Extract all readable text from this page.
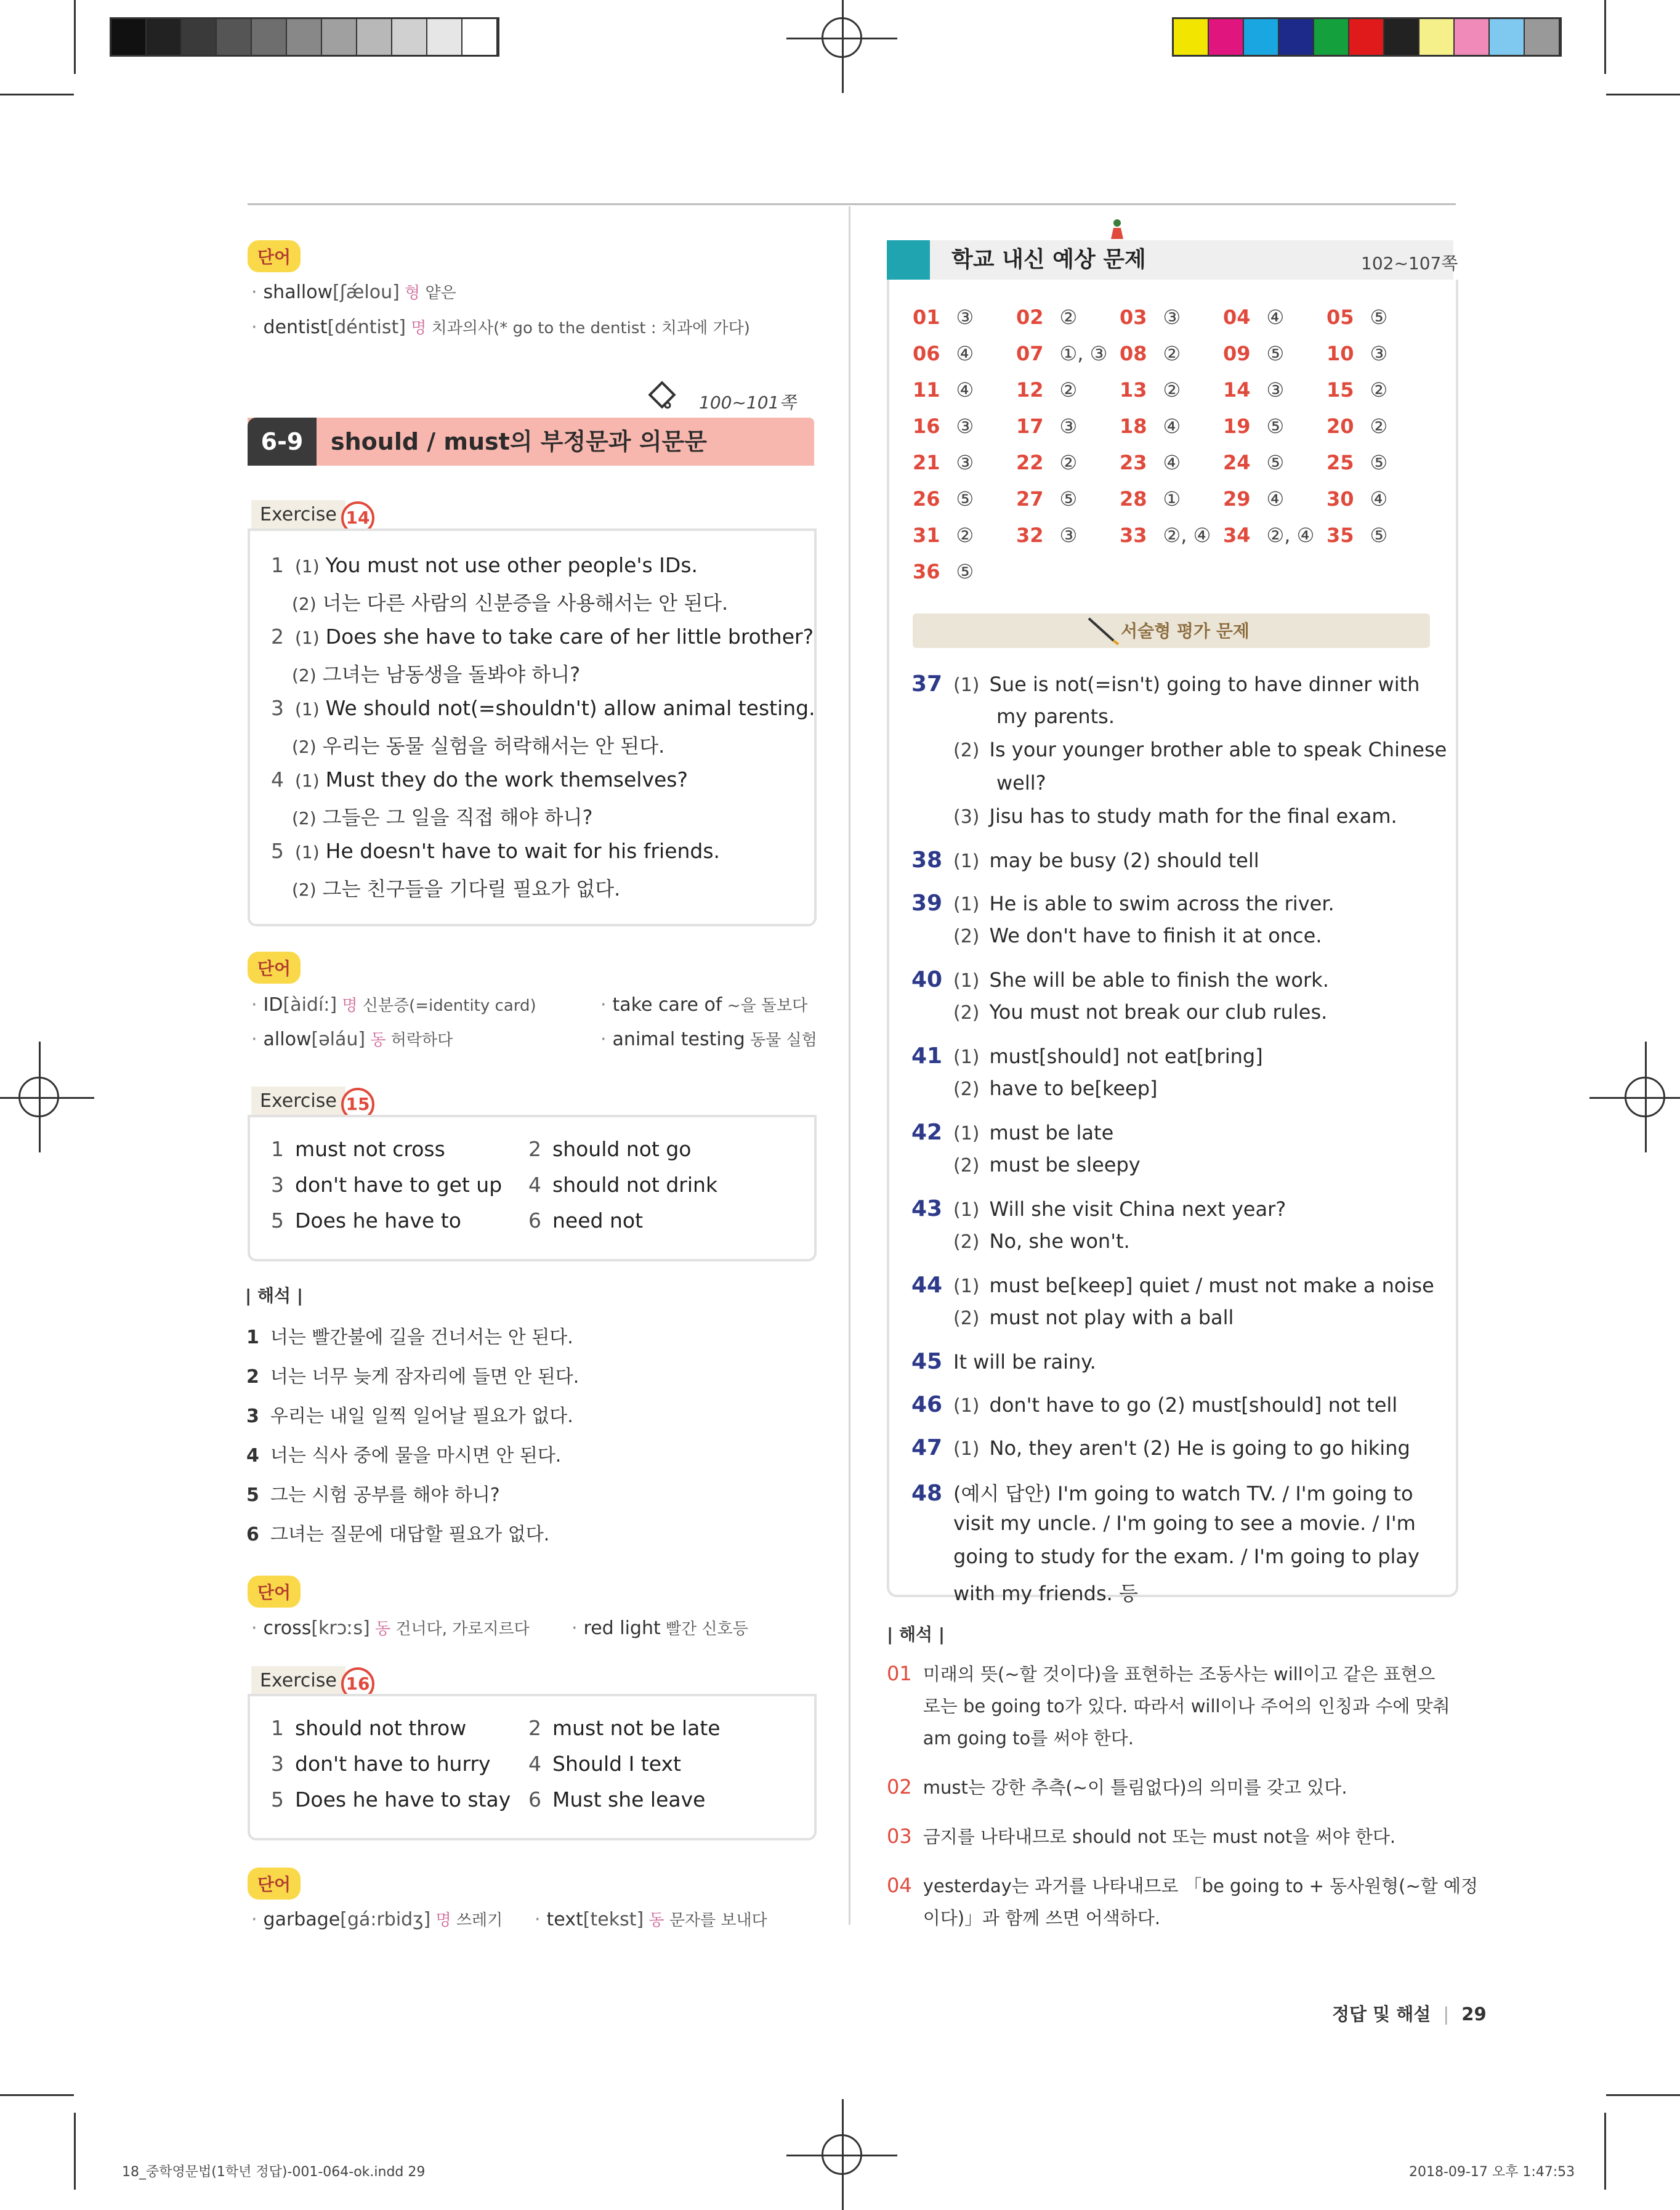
단어
· shallow[ʃǽlou] 형 얕은
· dentist[déntist] 명 치과의사(* go to the dentist : 치과에 가다)
100~101쪽
6-9	should / must의 부정문과 의문문
Exercise 14
1 (1) You must not use other people's IDs.
(2) 너는 다른 사람의 신분증을 사용해서는 안 된다.
2 (1) Does she have to take care of her little brother?
(2) 그녀는 남동생을 돌봐야 하니?
3 (1) We should not(=shouldn't) allow animal testing.
(2) 우리는 동물 실험을 허락해서는 안 된다.
4 (1) Must they do the work themselves?
(2) 그들은 그 일을 직접 해야 하니?
5 (1) He doesn't have to wait for his friends.
(2) 그는 친구들을 기다릴 필요가 없다.
단어
· ID[àidí:] 명 신분증(=identity card)	· take care of ~을 돌보다
· allow[əláu] 동 허락하다	· animal testing 동물 실험
Exercise 15
1 must not cross	2 should not go
3 don't have to get up 4 should not drink
5 Does he have to	6 need not
| 해석 |
1 너는 빨간불에 길을 건너서는 안 된다.
2 너는 너무 늦게 잠자리에 들면 안 된다.
3 우리는 내일 일찍 일어날 필요가 없다.
4 너는 식사 중에 물을 마시면 안 된다.
5 그는 시험 공부를 해야 하니?
6 그녀는 질문에 대답할 필요가 없다.
단어
· cross[krɔːs] 동 건너다, 가로지르다 · red light 빨간 신호등
Exercise 16
1 should not throw	2 must not be late
3 don't have to hurry 4 Should I text
5 Does he have to stay 6 Must she leave
단어
· garbage[gá:rbidʒ] 명 쓰레기 · text[tekst] 동 문자를 보내다
학교 내신 예상 문제	102~107쪽
01 ③ 02 ② 03 ③ 04 ④ 05 ⑤
06 ④ 07 ①, ③ 08 ② 09 ⑤ 10 ③
11 ④ 12 ② 13 ② 14 ③ 15 ②
16 ③ 17 ③ 18 ④ 19 ⑤ 20 ②
21 ③ 22 ② 23 ④ 24 ⑤ 25 ⑤
26 ⑤ 27 ⑤ 28 ① 29 ④ 30 ④
31 ② 32 ③ 33 ②, ④ 34 ②, ④ 35 ⑤
36 ⑤
서술형 평가 문제
37 (1) Sue is not(=isn't) going to have dinner with
my parents.
(2) Is your younger brother able to speak Chinese
well?
(3) Jisu has to study math for the final exam.
38 (1) may be busy (2) should tell
39 (1) He is able to swim across the river.
(2) We don't have to finish it at once.
40 (1) She will be able to finish the work.
(2) You must not break our club rules.
41 (1) must[should] not eat[bring]
(2) have to be[keep]
42 (1) must be late
(2) must be sleepy
43 (1) Will she visit China next year?
(2) No, she won't.
44 (1) must be[keep] quiet / must not make a noise
(2) must not play with a ball
45 It will be rainy.
46 (1) don't have to go (2) must[should] not tell
47 (1) No, they aren't (2) He is going to go hiking
48 (예시 답안) I'm going to watch TV. / I'm going to
visit my uncle. / I'm going to see a movie. / I'm
going to study for the exam. / I'm going to play
with my friends. 등
| 해석 |
01 미래의 뜻(~할 것이다)을 표현하는 조동사는 will이고 같은 표현으
로는 be going to가 있다. 따라서 will이나 주어의 인칭과 수에 맞춰
am going to를 써야 한다.
02 must는 강한 추측(~이 틀림없다)의 의미를 갖고 있다.
03 금지를 나타내므로 should not 또는 must not을 써야 한다.
04 yesterday는 과거를 나타내므로 「be going to + 동사원형(~할 예정
이다)」과 함께 쓰면 어색하다.
정답 및 해설 | 29
18_중학영문법(1학년 정답)-001-064-ok.indd 29	2018-09-17 오후 1:47:53
